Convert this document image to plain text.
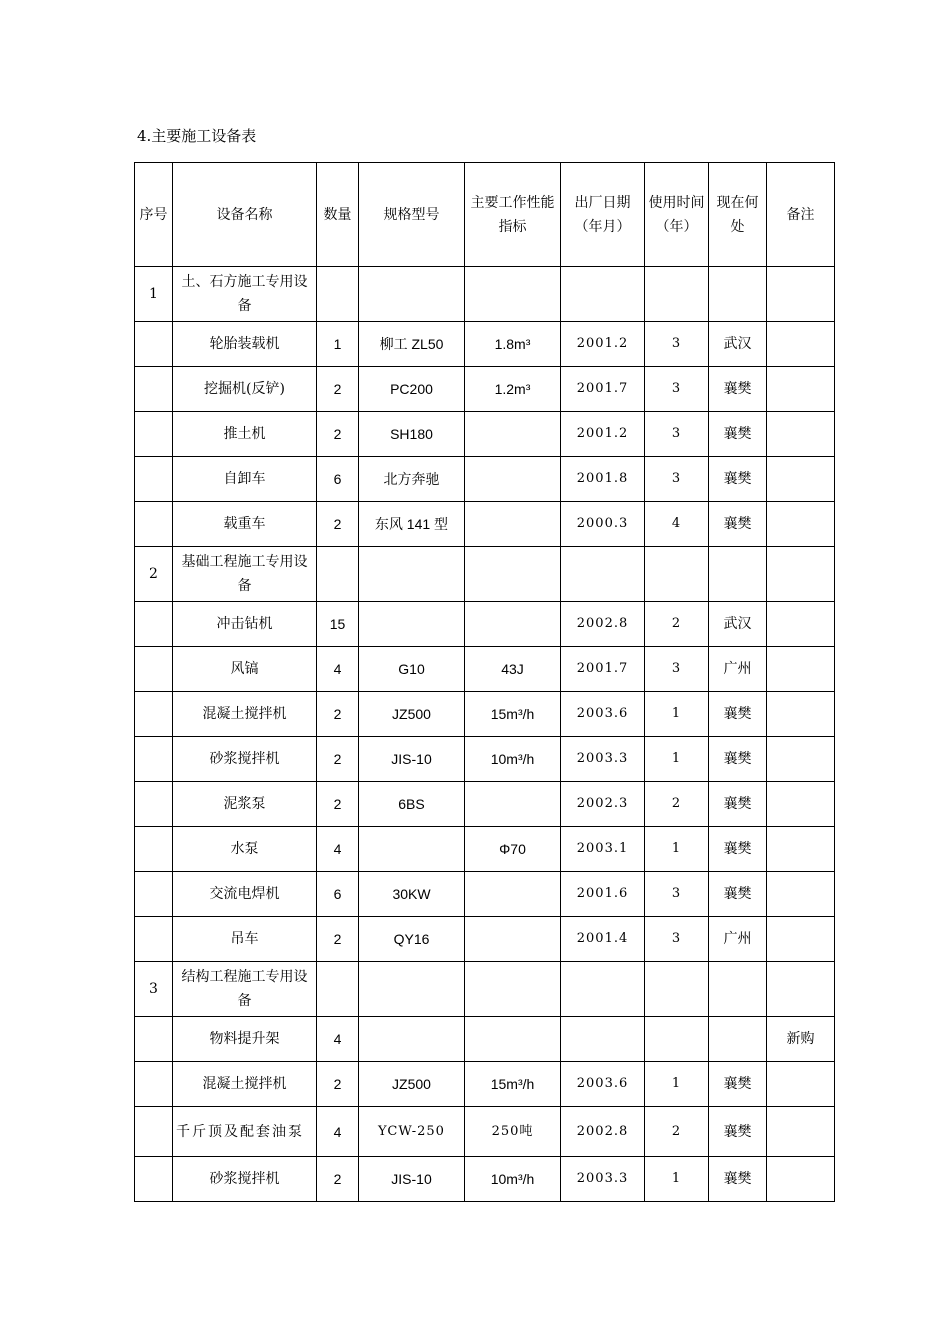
4.主要施工设备表
序号	设备名称	数量	规格型号	主要工作性能指标	出厂日期（年月）	使用时间（年）	现在何处	备注
1	土、石方施工专用设备							
	轮胎装载机	1	柳工 ZL50	1.8m³	2001.2	3	武汉	
	挖掘机(反铲)	2	PC200	1.2m³	2001.7	3	襄樊	
	推土机	2	SH180		2001.2	3	襄樊	
	自卸车	6	北方奔驰		2001.8	3	襄樊	
	载重车	2	东风 141 型		2000.3	4	襄樊	
2	基础工程施工专用设备							
	冲击钻机	15			2002.8	2	武汉	
	风镐	4	G10	43J	2001.7	3	广州	
	混凝土搅拌机	2	JZ500	15m³/h	2003.6	1	襄樊	
	砂浆搅拌机	2	JIS-10	10m³/h	2003.3	1	襄樊	
	泥浆泵	2	6BS		2002.3	2	襄樊	
	水泵	4		Φ70	2003.1	1	襄樊	
	交流电焊机	6	30KW		2001.6	3	襄樊	
	吊车	2	QY16		2001.4	3	广州	
3	结构工程施工专用设备							
	物料提升架	4						新购
	混凝土搅拌机	2	JZ500	15m³/h	2003.6	1	襄樊	
	千斤顶及配套油泵	4	YCW-250	250吨	2002.8	2	襄樊	
	砂浆搅拌机	2	JIS-10	10m³/h	2003.3	1	襄樊	
